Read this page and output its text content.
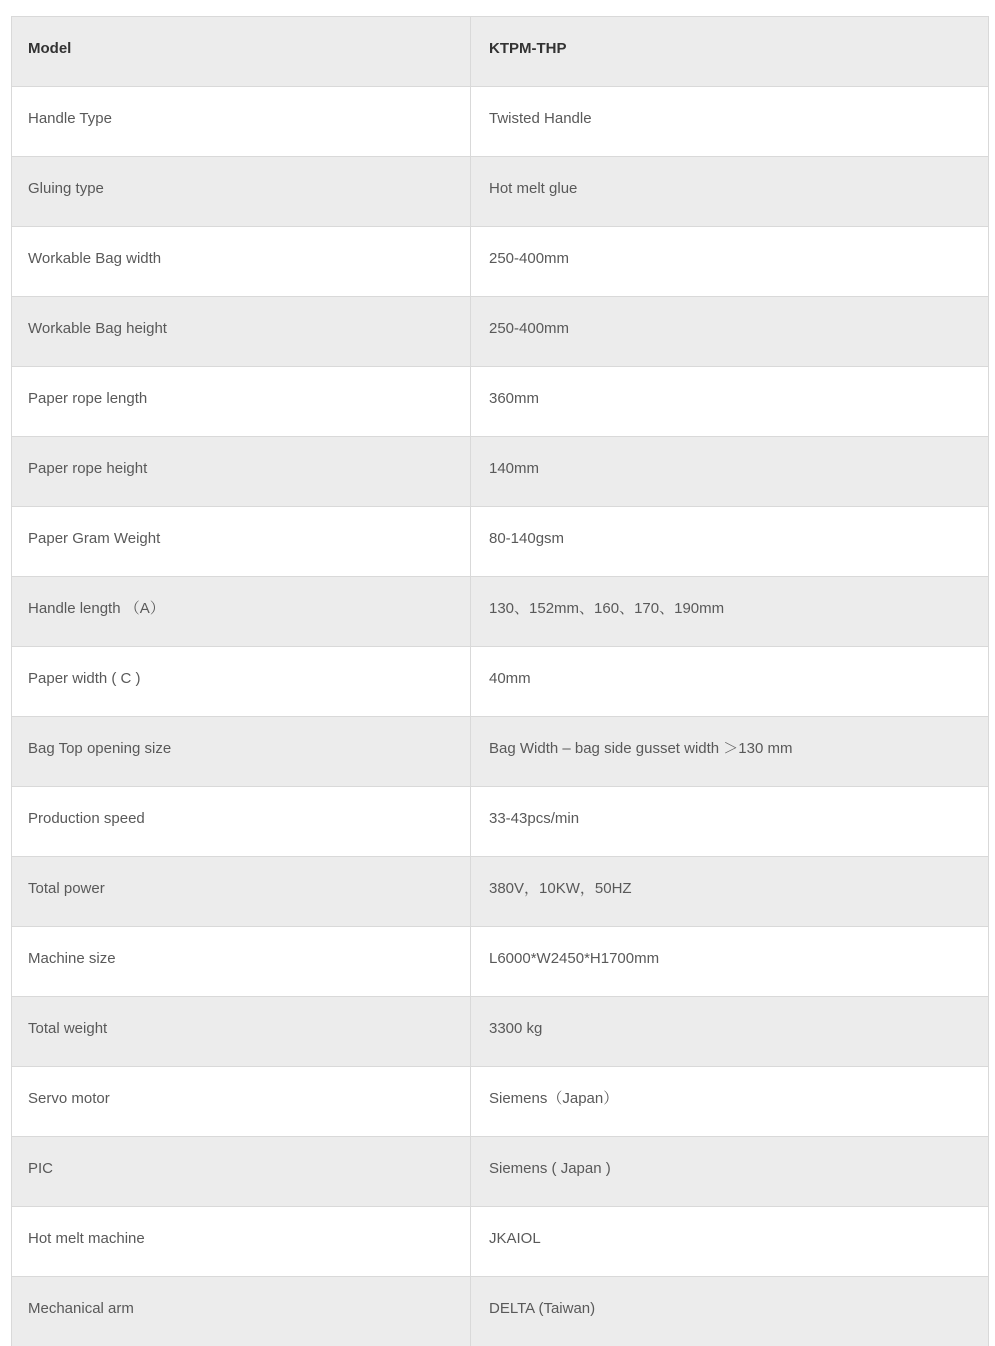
Model	KTPM-THP
Handle Type	Twisted Handle
Gluing type	Hot melt glue
Workable Bag width	250-400mm
Workable Bag height	250-400mm
Paper rope length	360mm
Paper rope height	140mm
Paper Gram Weight	80-140gsm
Handle length （A）	130、152mm、160、170、190mm
Paper width ( C )	40mm
Bag Top opening size	Bag Width – bag side gusset width ＞130 mm
Production speed	33-43pcs/min
Total power	380V，10KW，50HZ
Machine size	L6000*W2450*H1700mm
Total weight	3300 kg
Servo motor	Siemens（Japan）
PIC	Siemens ( Japan )
Hot melt machine	JKAIOL
Mechanical arm	DELTA (Taiwan)
